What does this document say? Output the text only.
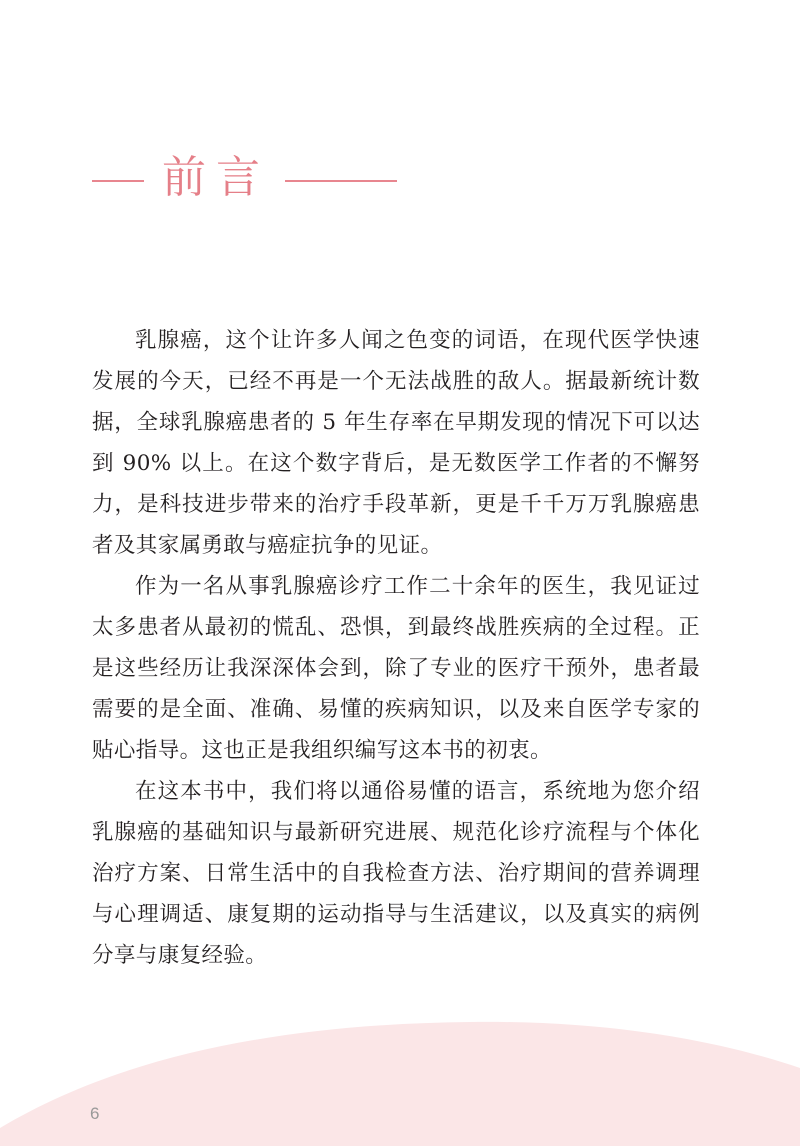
前言

乳腺癌，这个让许多人闻之色变的词语，在现代医学快速发展的今天，已经不再是一个无法战胜的敌人。据最新统计数据，全球乳腺癌患者的 5 年生存率在早期发现的情况下可以达到 90% 以上。在这个数字背后，是无数医学工作者的不懈努力，是科技进步带来的治疗手段革新，更是千千万万乳腺癌患者及其家属勇敢与癌症抗争的见证。

作为一名从事乳腺癌诊疗工作二十余年的医生，我见证过太多患者从最初的慌乱、恐惧，到最终战胜疾病的全过程。正是这些经历让我深深体会到，除了专业的医疗干预外，患者最需要的是全面、准确、易懂的疾病知识，以及来自医学专家的贴心指导。这也正是我组织编写这本书的初衷。

在这本书中，我们将以通俗易懂的语言，系统地为您介绍乳腺癌的基础知识与最新研究进展、规范化诊疗流程与个体化治疗方案、日常生活中的自我检查方法、治疗期间的营养调理与心理调适、康复期的运动指导与生活建议，以及真实的病例分享与康复经验。

6
